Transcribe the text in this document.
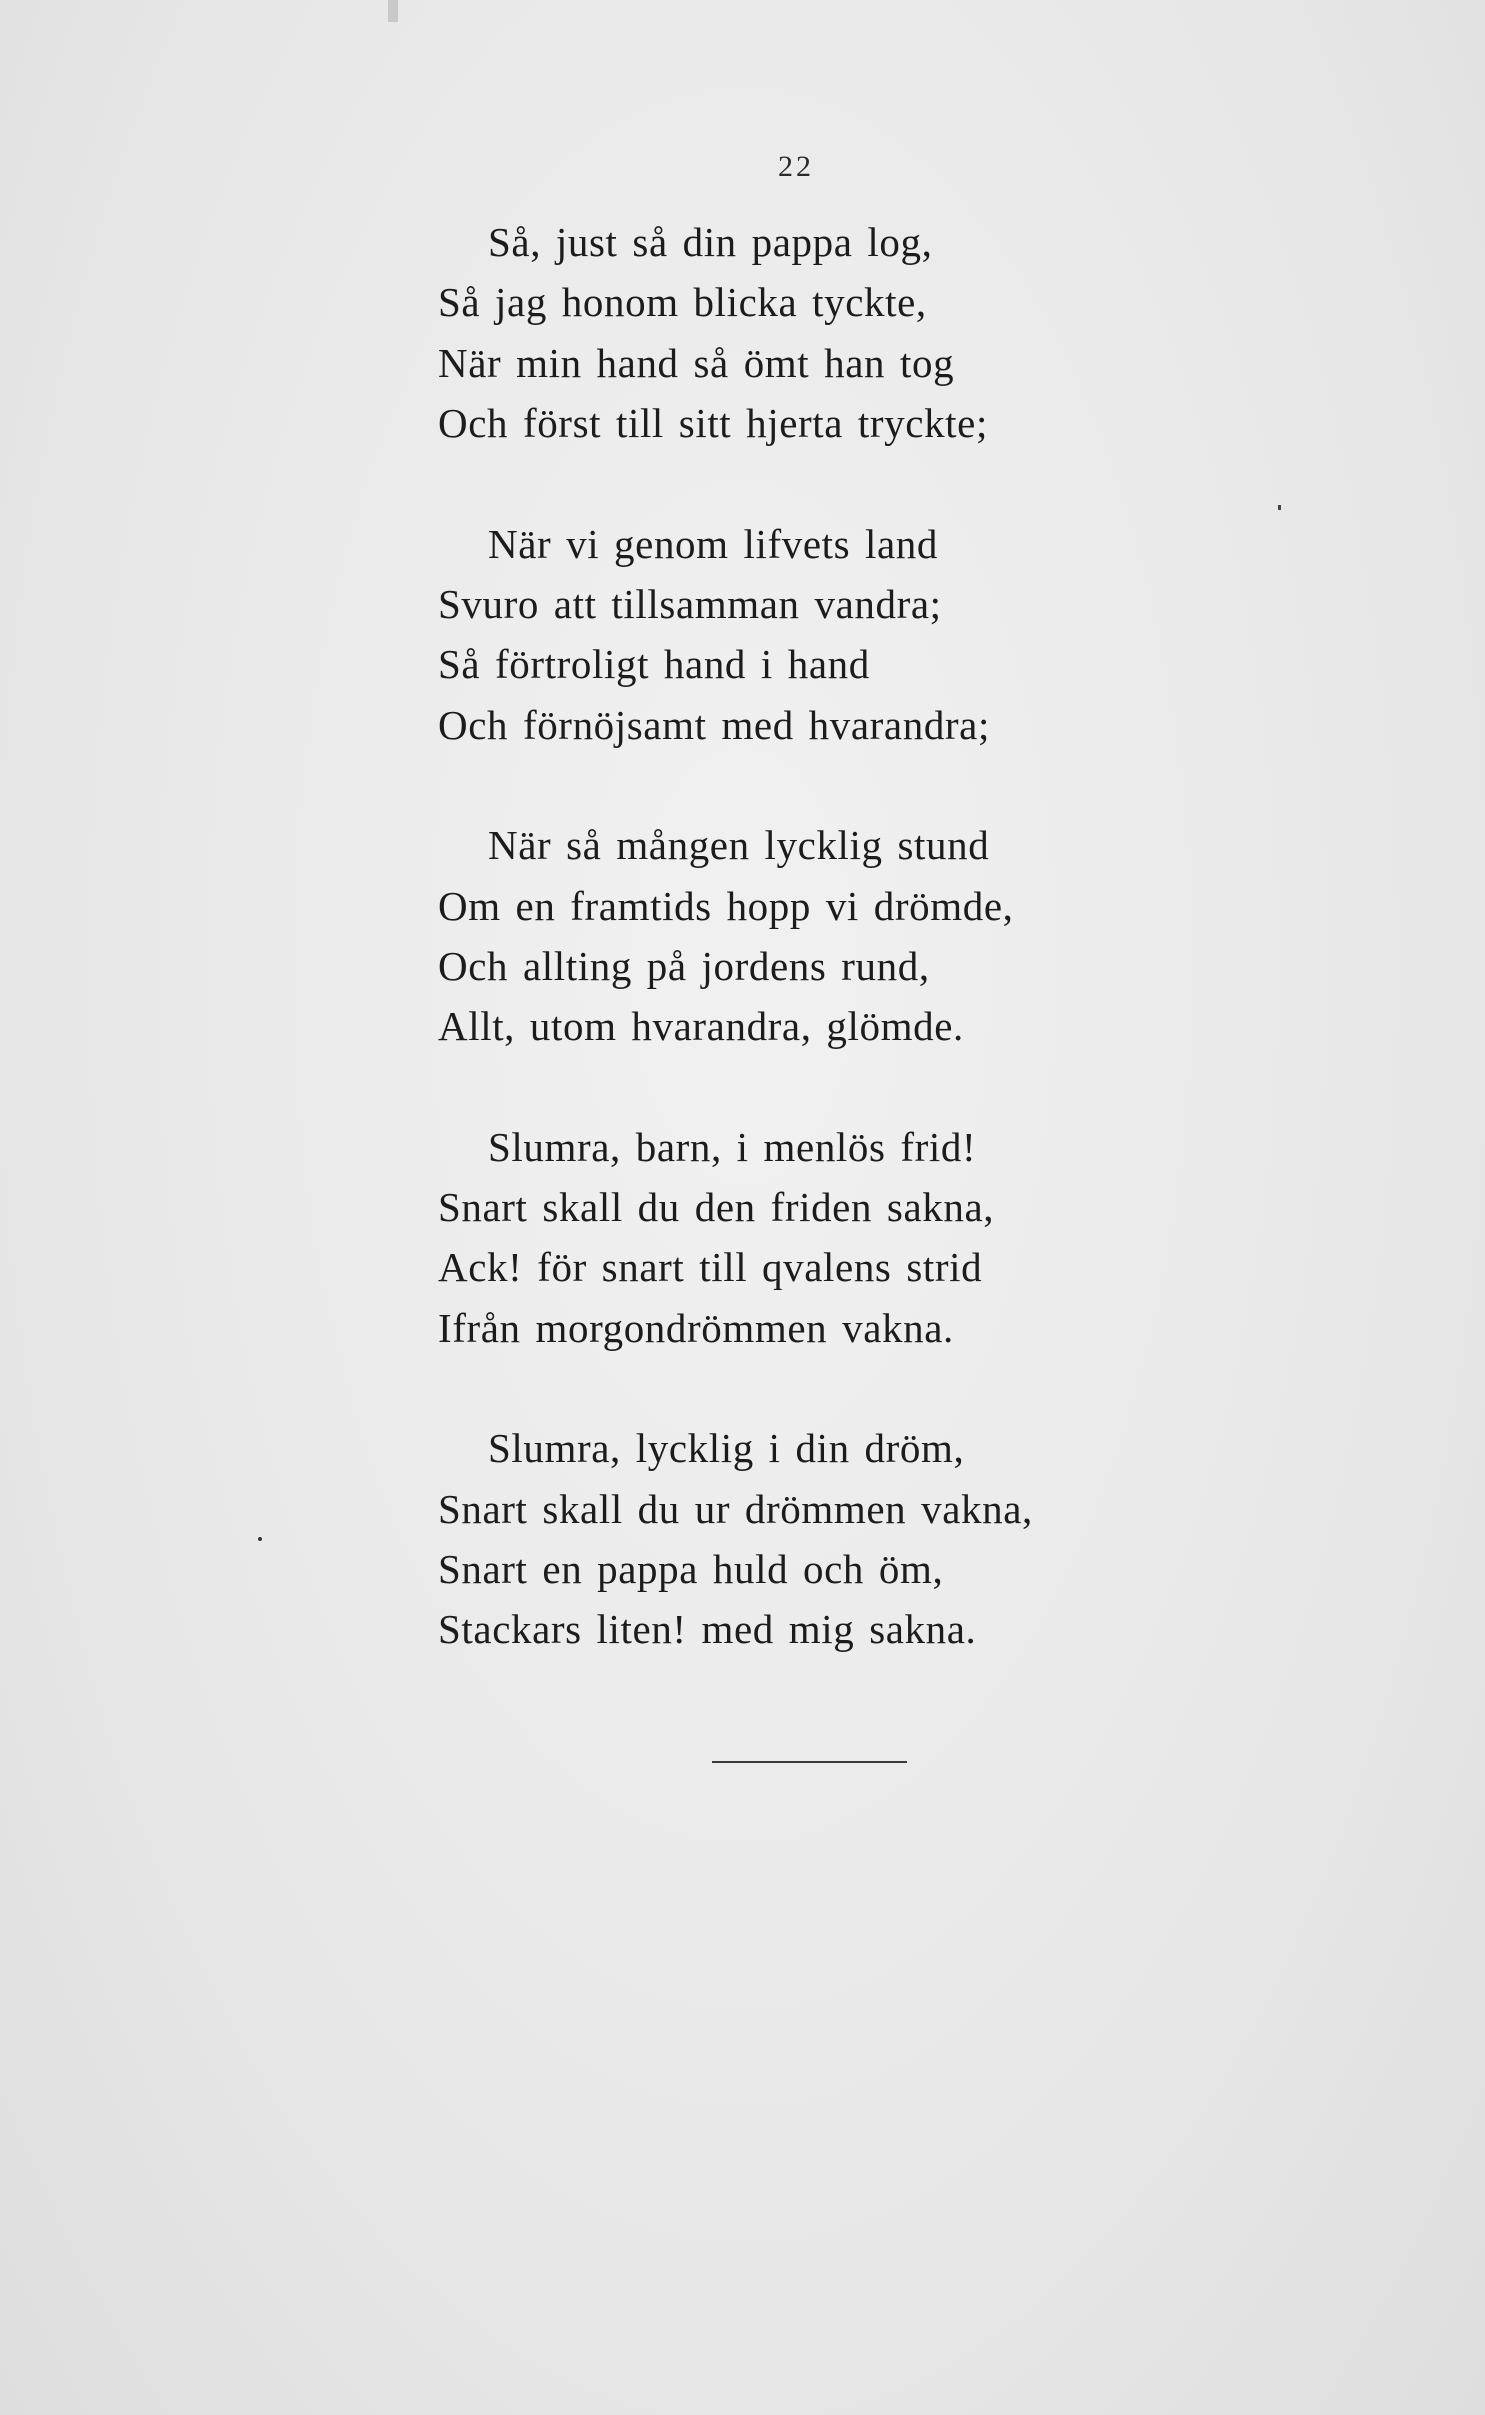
22
Så, just så din pappa log,
Så jag honom blicka tyckte,
När min hand så ömt han tog
Och först till sitt hjerta tryckte;
När vi genom lifvets land
Svuro att tillsamman vandra;
Så förtroligt hand i hand
Och förnöjsamt med hvarandra;
När så mången lycklig stund
Om en framtids hopp vi drömde,
Och allting på jordens rund,
Allt, utom hvarandra, glömde.
Slumra, barn, i menlös frid!
Snart skall du den friden sakna,
Ack! för snart till qvalens strid
Ifrån morgondrömmen vakna.
Slumra, lycklig i din dröm,
Snart skall du ur drömmen vakna,
Snart en pappa huld och öm,
Stackars liten! med mig sakna.
